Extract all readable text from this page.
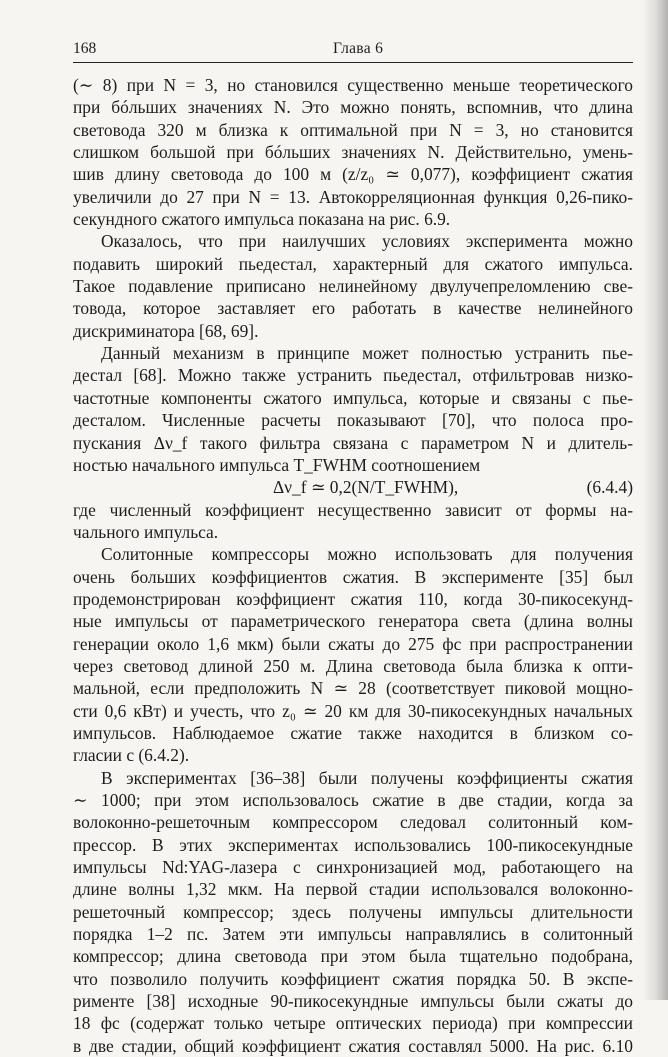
168	Глава 6
(∼ 8) при N = 3, но становился существенно меньше теоретического
при бóльших значениях N. Это можно понять, вспомнив, что длина
световода 320 м близка к оптимальной при N = 3, но становится
слишком большой при бóльших значениях N. Действительно, умень-
шив длину световода до 100 м (z/z₀ ≃ 0,077), коэффициент сжатия
увеличили до 27 при N = 13. Автокорреляционная функция 0,26-пико-
секундного сжатого импульса показана на рис. 6.9.
Оказалось, что при наилучших условиях эксперимента можно
подавить широкий пьедестал, характерный для сжатого импульса.
Такое подавление приписано нелинейному двулучепреломлению све-
товода, которое заставляет его работать в качестве нелинейного
дискриминатора [68, 69].
Данный механизм в принципе может полностью устранить пье-
дестал [68]. Можно также устранить пьедестал, отфильтровав низко-
частотные компоненты сжатого импульса, которые и связаны с пье-
десталом. Численные расчеты показывают [70], что полоса про-
пускания Δν_f такого фильтра связана с параметром N и длитель-
ностью начального импульса T_FWHM соотношением
Δν_f ≃ 0,2(N/T_FWHM),	(6.4.4)
где численный коэффициент несущественно зависит от формы на-
чального импульса.
Солитонные компрессоры можно использовать для получения
очень больших коэффициентов сжатия. В эксперименте [35] был
продемонстрирован коэффициент сжатия 110, когда 30-пикосекунд-
ные импульсы от параметрического генератора света (длина волны
генерации около 1,6 мкм) были сжаты до 275 фс при распространении
через световод длиной 250 м. Длина световода была близка к опти-
мальной, если предположить N ≃ 28 (соответствует пиковой мощно-
сти 0,6 кВт) и учесть, что z₀ ≃ 20 км для 30-пикосекундных начальных
импульсов. Наблюдаемое сжатие также находится в близком со-
гласии с (6.4.2).
В экспериментах [36–38] были получены коэффициенты сжатия
∼ 1000; при этом использовалось сжатие в две стадии, когда за
волоконно-решеточным компрессором следовал солитонный ком-
прессор. В этих экспериментах использовались 100-пикосекундные
импульсы Nd:YAG-лазера с синхронизацией мод, работающего на
длине волны 1,32 мкм. На первой стадии использовался волоконно-
решеточный компрессор; здесь получены импульсы длительности
порядка 1–2 пс. Затем эти импульсы направлялись в солитонный
компрессор; длина световода при этом была тщательно подобрана,
что позволило получить коэффициент сжатия порядка 50. В экспе-
рименте [38] исходные 90-пикосекундные импульсы были сжаты до
18 фс (содержат только четыре оптических периода) при компрессии
в две стадии, общий коэффициент сжатия составлял 5000. На рис. 6.10
